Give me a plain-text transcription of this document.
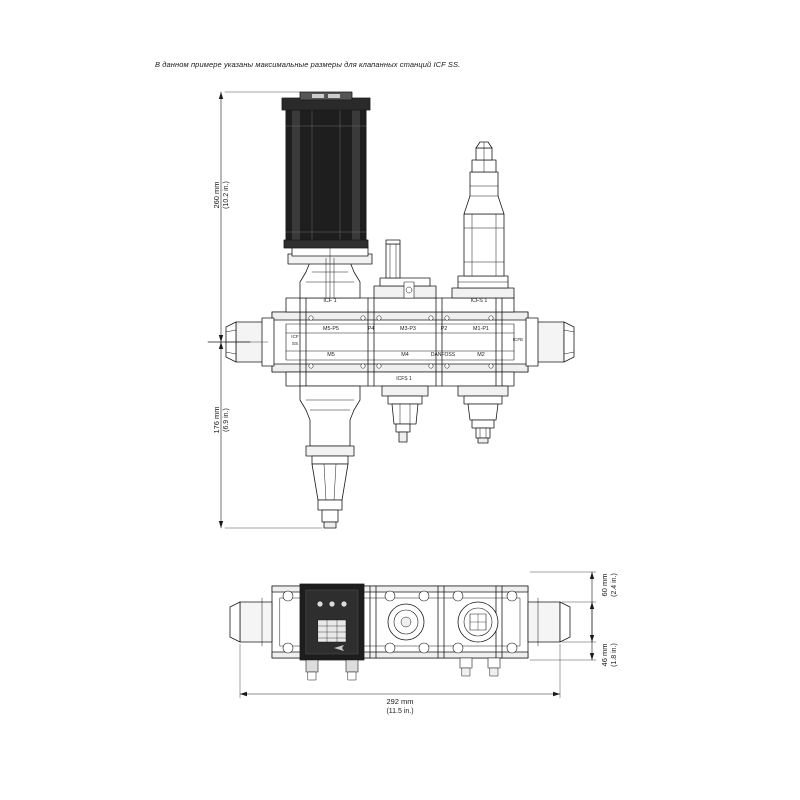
В данном примере указаны максимальные размеры для клапанных станций ICF SS.
ICF 1	ICFS 1
M5-P5	P4	M3-P3	P2	M1-P1
M5	M4	M2
DANFOSS
ICFS 1
ICF
SS
ICFE
260 mm (10.2 in.)
176 mm (6.9 in.)
60 mm (2.4 in.)
46 mm (1.8 in.)
292 mm
(11.5 in.)
